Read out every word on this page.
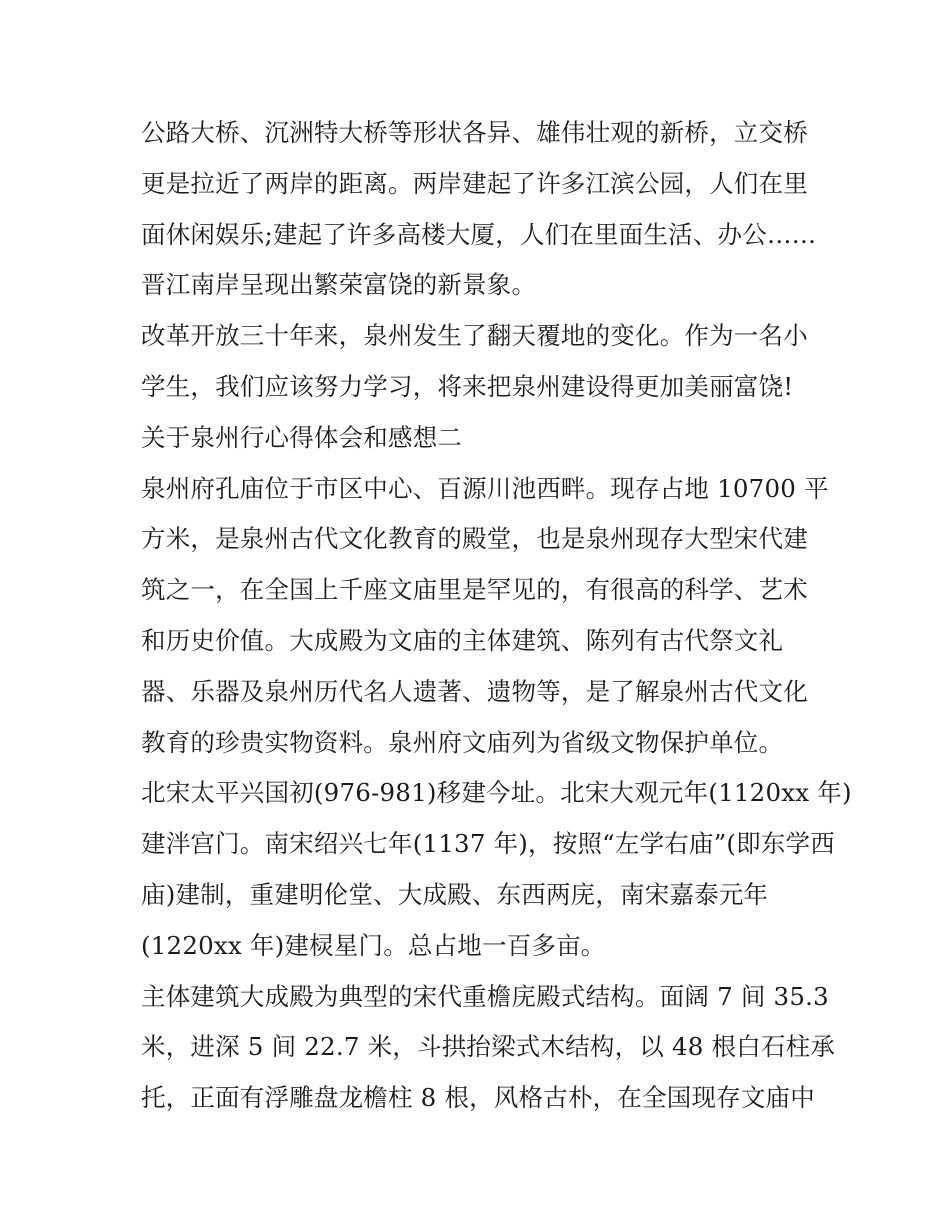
公路大桥、沉洲特大桥等形状各异、雄伟壮观的新桥，立交桥
更是拉近了两岸的距离。两岸建起了许多江滨公园，人们在里
面休闲娱乐;建起了许多高楼大厦，人们在里面生活、办公……
晋江南岸呈现出繁荣富饶的新景象。
改革开放三十年来，泉州发生了翻天覆地的变化。作为一名小
学生，我们应该努力学习，将来把泉州建设得更加美丽富饶!
关于泉州行心得体会和感想二
泉州府孔庙位于市区中心、百源川池西畔。现存占地 10700 平
方米，是泉州古代文化教育的殿堂，也是泉州现存大型宋代建
筑之一，在全国上千座文庙里是罕见的，有很高的科学、艺术
和历史价值。大成殿为文庙的主体建筑、陈列有古代祭文礼
器、乐器及泉州历代名人遗著、遗物等，是了解泉州古代文化
教育的珍贵实物资料。泉州府文庙列为省级文物保护单位。
北宋太平兴国初(976-981)移建今址。北宋大观元年(1120xx 年)
建泮宫门。南宋绍兴七年(1137 年)，按照“左学右庙”(即东学西
庙)建制，重建明伦堂、大成殿、东西两庑，南宋嘉泰元年
(1220xx 年)建棂星门。总占地一百多亩。
主体建筑大成殿为典型的宋代重檐庑殿式结构。面阔 7 间 35.3
米，进深 5 间 22.7 米，斗拱抬梁式木结构，以 48 根白石柱承
托，正面有浮雕盘龙檐柱 8 根，风格古朴，在全国现存文庙中
